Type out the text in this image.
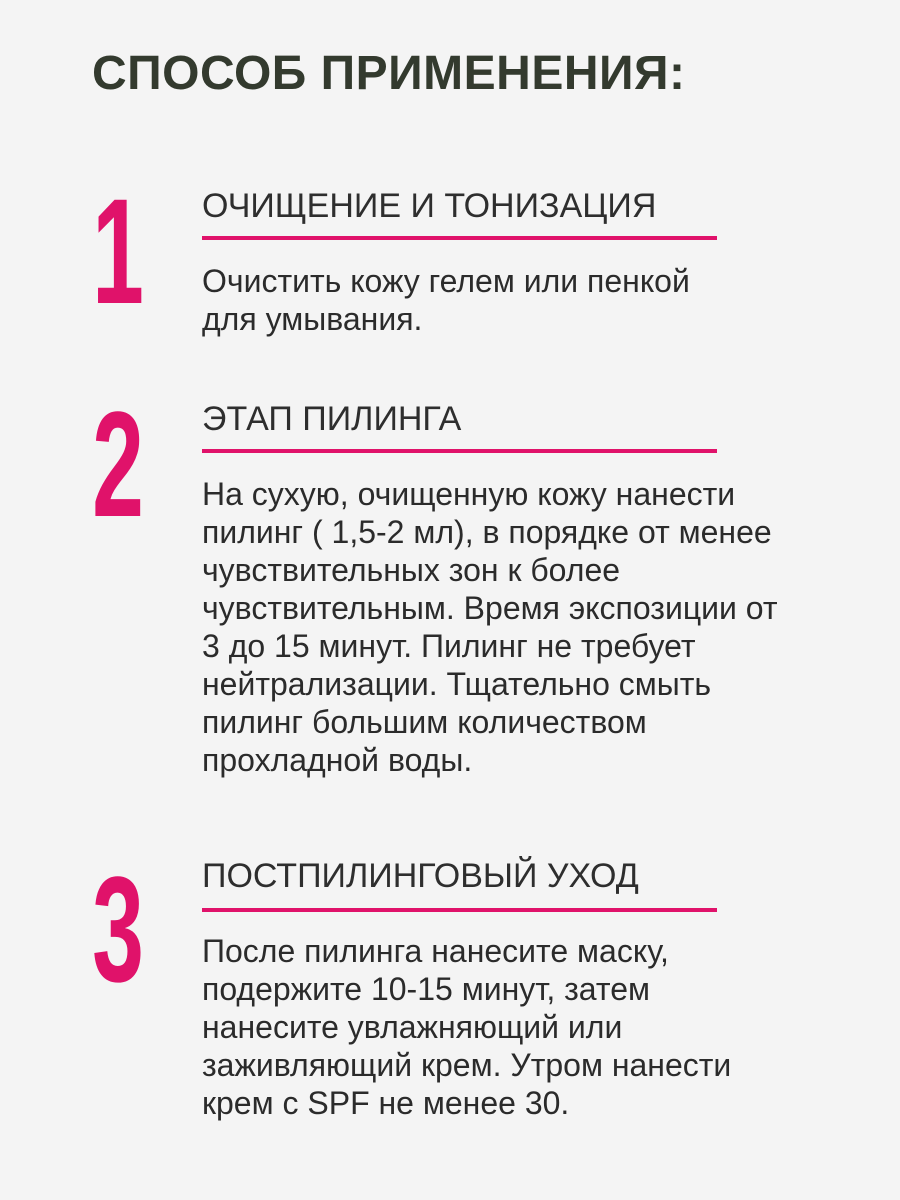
СПОСОБ ПРИМЕНЕНИЯ:
1 ОЧИЩЕНИЕ И ТОНИЗАЦИЯ

Очистить кожу гелем или пенкой
для умывания.

2 ЭТАП ПИЛИНГА

На сухую, очищенную кожу нанести
пилинг ( 1,5-2 мл), в порядке от менее
чувствительных зон к более
чувствительным. Время экспозиции от
3 до 15 минут. Пилинг не требует
нейтрализации. Тщательно смыть
пилинг большим количеством
прохладной воды.

3 ПОСТПИЛИНГОВЫЙ УХОД

После пилинга нанесите маску,
подержите 10-15 минут, затем
нанесите увлажняющий или
заживляющий крем. Утром нанести
крем с SPF не менее 30.
